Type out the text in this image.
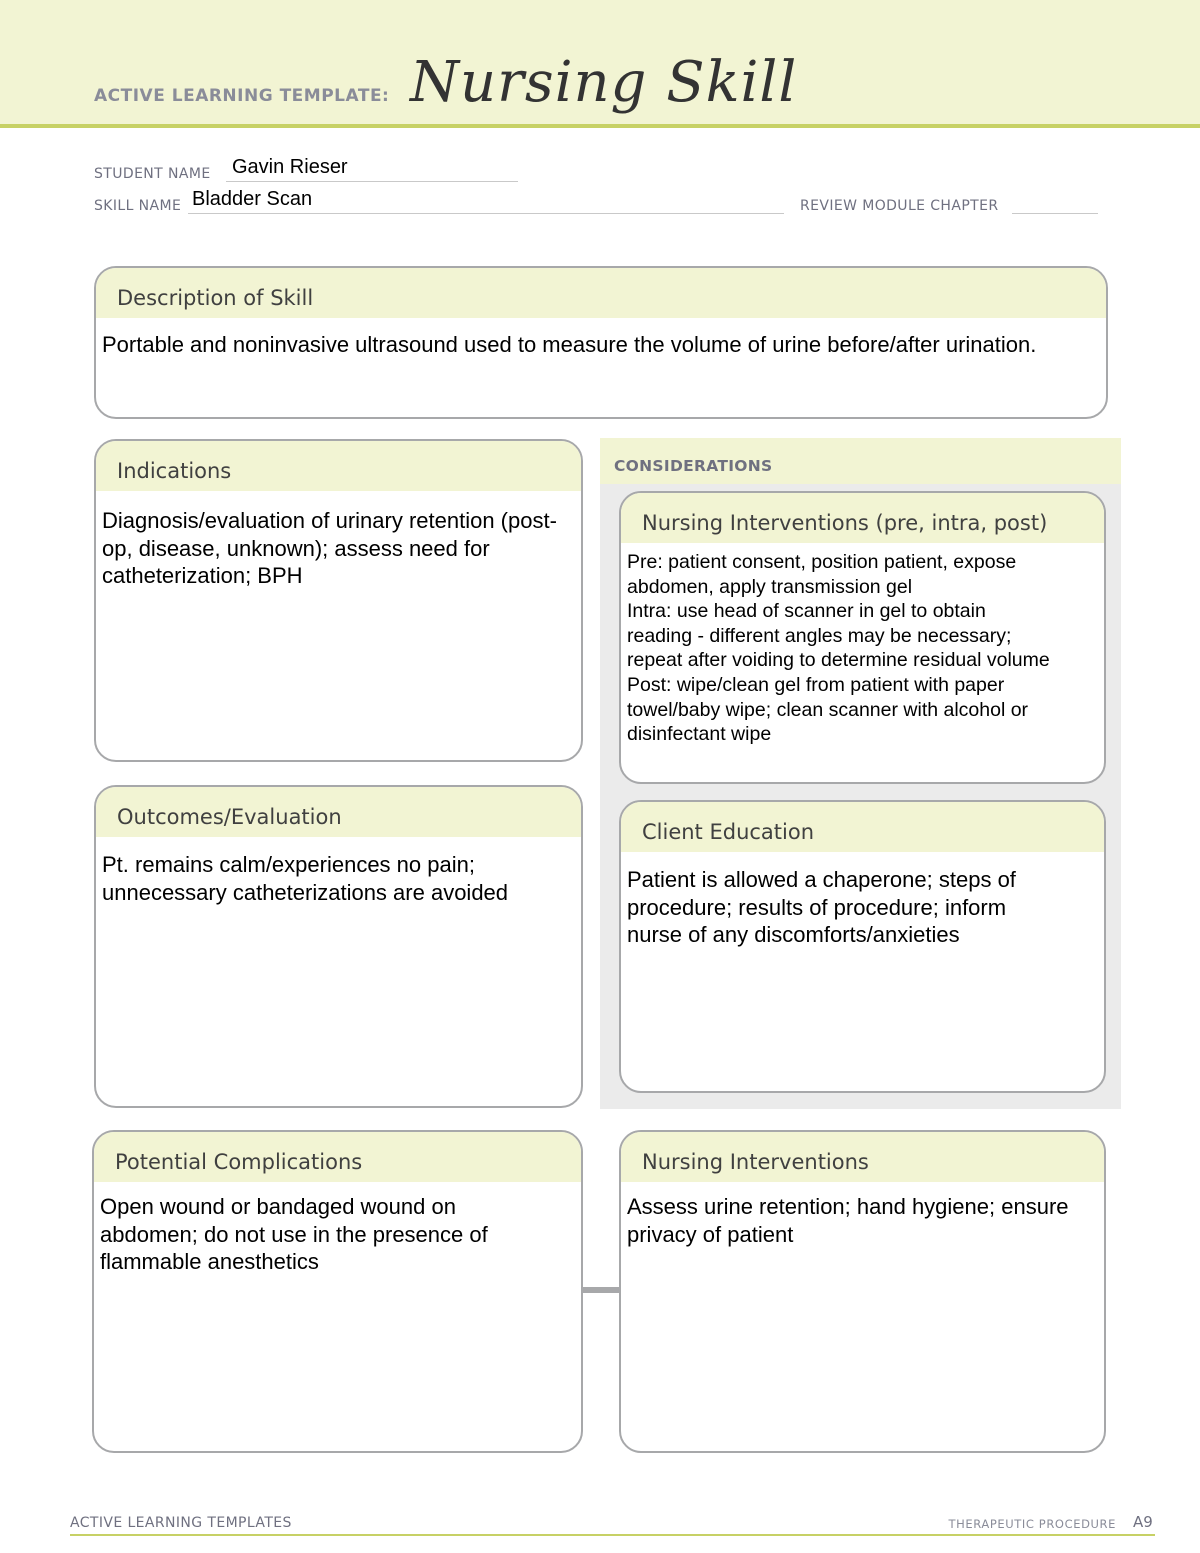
ACTIVE LEARNING TEMPLATE: Nursing Skill
STUDENT NAME Gavin Rieser
SKILL NAME Bladder Scan	REVIEW MODULE CHAPTER
Description of Skill
Portable and noninvasive ultrasound used to measure the volume of urine before/after urination.
Indications
Diagnosis/evaluation of urinary retention (post-op, disease, unknown); assess need for catheterization; BPH
Outcomes/Evaluation
Pt. remains calm/experiences no pain; unnecessary catheterizations are avoided
CONSIDERATIONS
Nursing Interventions (pre, intra, post)
Pre: patient consent, position patient, expose
abdomen, apply transmission gel
Intra: use head of scanner in gel to obtain
reading - different angles may be necessary;
repeat after voiding to determine residual volume
Post: wipe/clean gel from patient with paper
towel/baby wipe; clean scanner with alcohol or
disinfectant wipe
Client Education
Patient is allowed a chaperone; steps of procedure; results of procedure; inform nurse of any discomforts/anxieties
Potential Complications
Open wound or bandaged wound on abdomen; do not use in the presence of flammable anesthetics
Nursing Interventions
Assess urine retention; hand hygiene; ensure privacy of patient
ACTIVE LEARNING TEMPLATES	THERAPEUTIC PROCEDURE A9
